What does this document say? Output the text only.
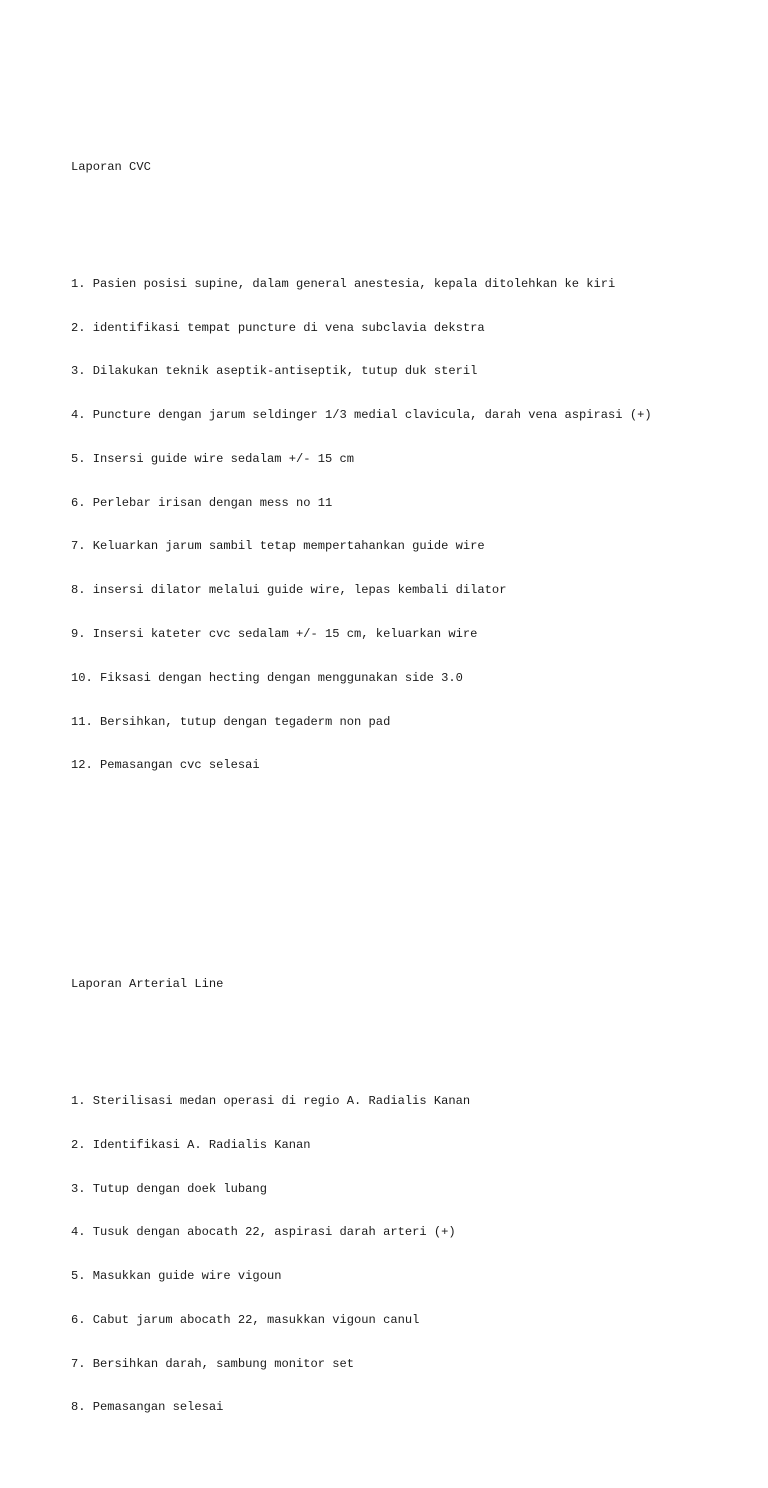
Laporan CVC

1. Pasien posisi supine, dalam general anestesia, kepala ditolehkan ke kiri

2. identifikasi tempat puncture di vena subclavia dekstra

3. Dilakukan teknik aseptik-antiseptik, tutup duk steril

4. Puncture dengan jarum seldinger 1/3 medial clavicula, darah vena aspirasi (+)

5. Insersi guide wire sedalam +/- 15 cm

6. Perlebar irisan dengan mess no 11

7. Keluarkan jarum sambil tetap mempertahankan guide wire

8. insersi dilator melalui guide wire, lepas kembali dilator

9. Insersi kateter cvc sedalam +/- 15 cm, keluarkan wire

10. Fiksasi dengan hecting dengan menggunakan side 3.0

11. Bersihkan, tutup dengan tegaderm non pad

12. Pemasangan cvc selesai

Laporan Arterial Line

1. Sterilisasi medan operasi di regio A. Radialis Kanan

2. Identifikasi A. Radialis Kanan

3. Tutup dengan doek lubang

4. Tusuk dengan abocath 22, aspirasi darah arteri (+)

5. Masukkan guide wire vigoun

6. Cabut jarum abocath 22, masukkan vigoun canul

7. Bersihkan darah, sambung monitor set

8. Pemasangan selesai
